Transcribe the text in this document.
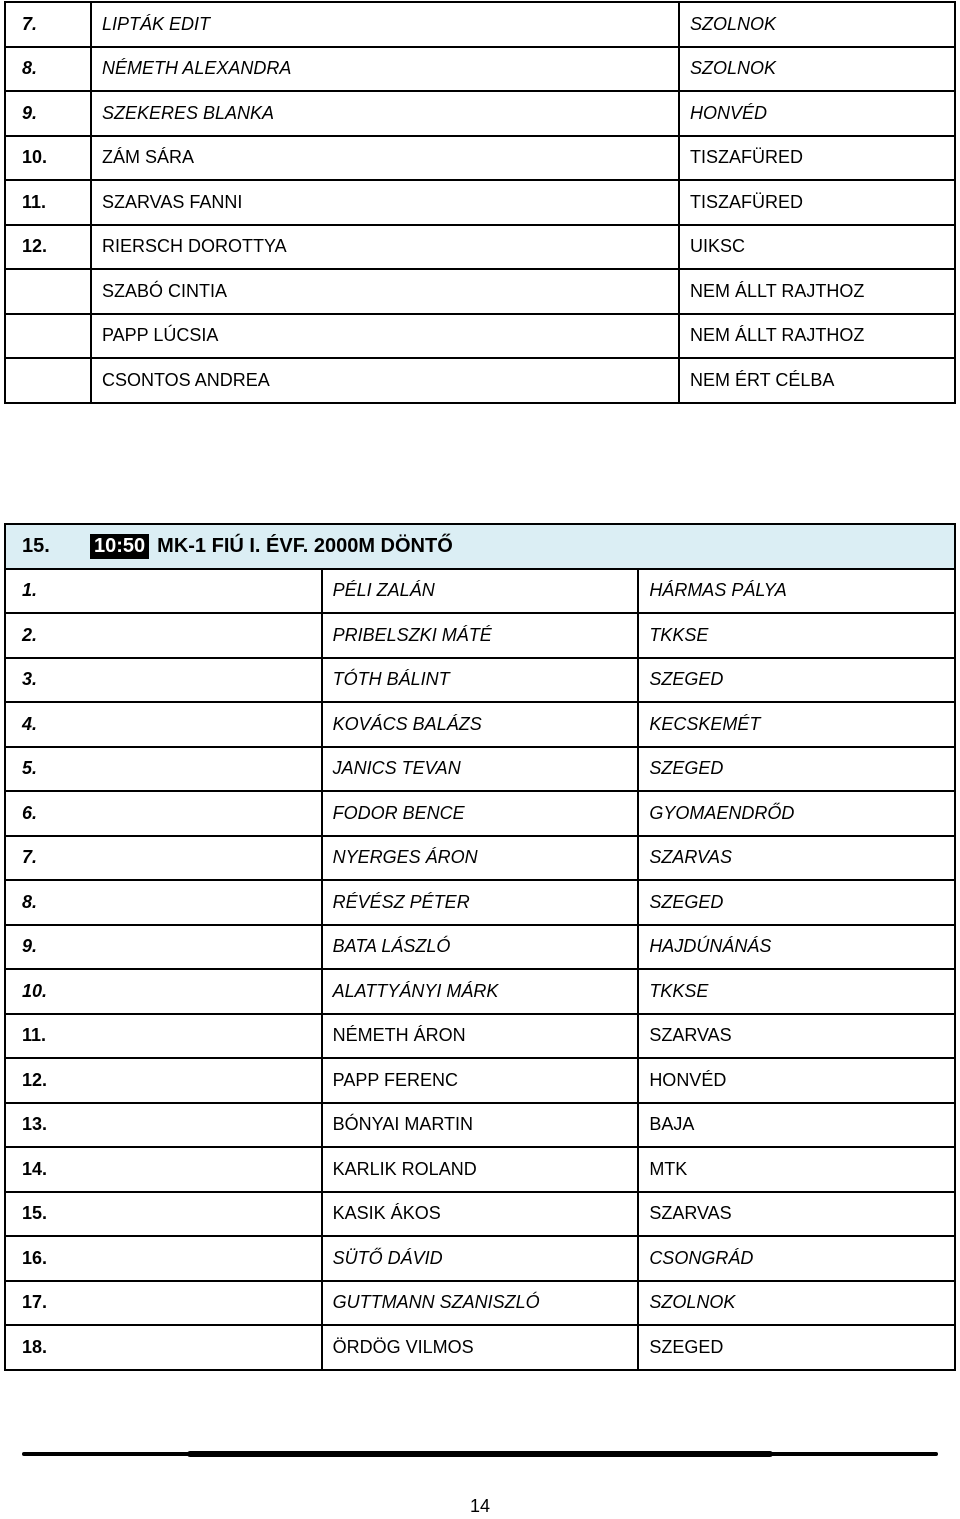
7.	LIPTÁK EDIT	SZOLNOK
8.	NÉMETH ALEXANDRA	SZOLNOK
9.	SZEKERES BLANKA	HONVÉD
10.	ZÁM SÁRA	TISZAFÜRED
11.	SZARVAS FANNI	TISZAFÜRED
12.	RIERSCH DOROTTYA	UIKSC
	SZABÓ CINTIA	NEM ÁLLT RAJTHOZ
	PAPP LÚCSIA	NEM ÁLLT RAJTHOZ
	CSONTOS ANDREA	NEM ÉRT CÉLBA
15. 10:50 MK-1 FIÚ I. ÉVF. 2000M DÖNTŐ		
1.	PÉLI ZALÁN	HÁRMAS PÁLYA
2.	PRIBELSZKI MÁTÉ	TKKSE
3.	TÓTH BÁLINT	SZEGED
4.	KOVÁCS BALÁZS	KECSKEMÉT
5.	JANICS TEVAN	SZEGED
6.	FODOR BENCE	GYOMAENDRŐD
7.	NYERGES ÁRON	SZARVAS
8.	RÉVÉSZ PÉTER	SZEGED
9.	BATA LÁSZLÓ	HAJDÚNÁNÁS
10.	ALATTYÁNYI MÁRK	TKKSE
11.	NÉMETH ÁRON	SZARVAS
12.	PAPP FERENC	HONVÉD
13.	BÓNYAI MARTIN	BAJA
14.	KARLIK ROLAND	MTK
15.	KASIK ÁKOS	SZARVAS
16.	SÜTŐ DÁVID	CSONGRÁD
17.	GUTTMANN SZANISZLÓ	SZOLNOK
18.	ÖRDÖG VILMOS	SZEGED
14
